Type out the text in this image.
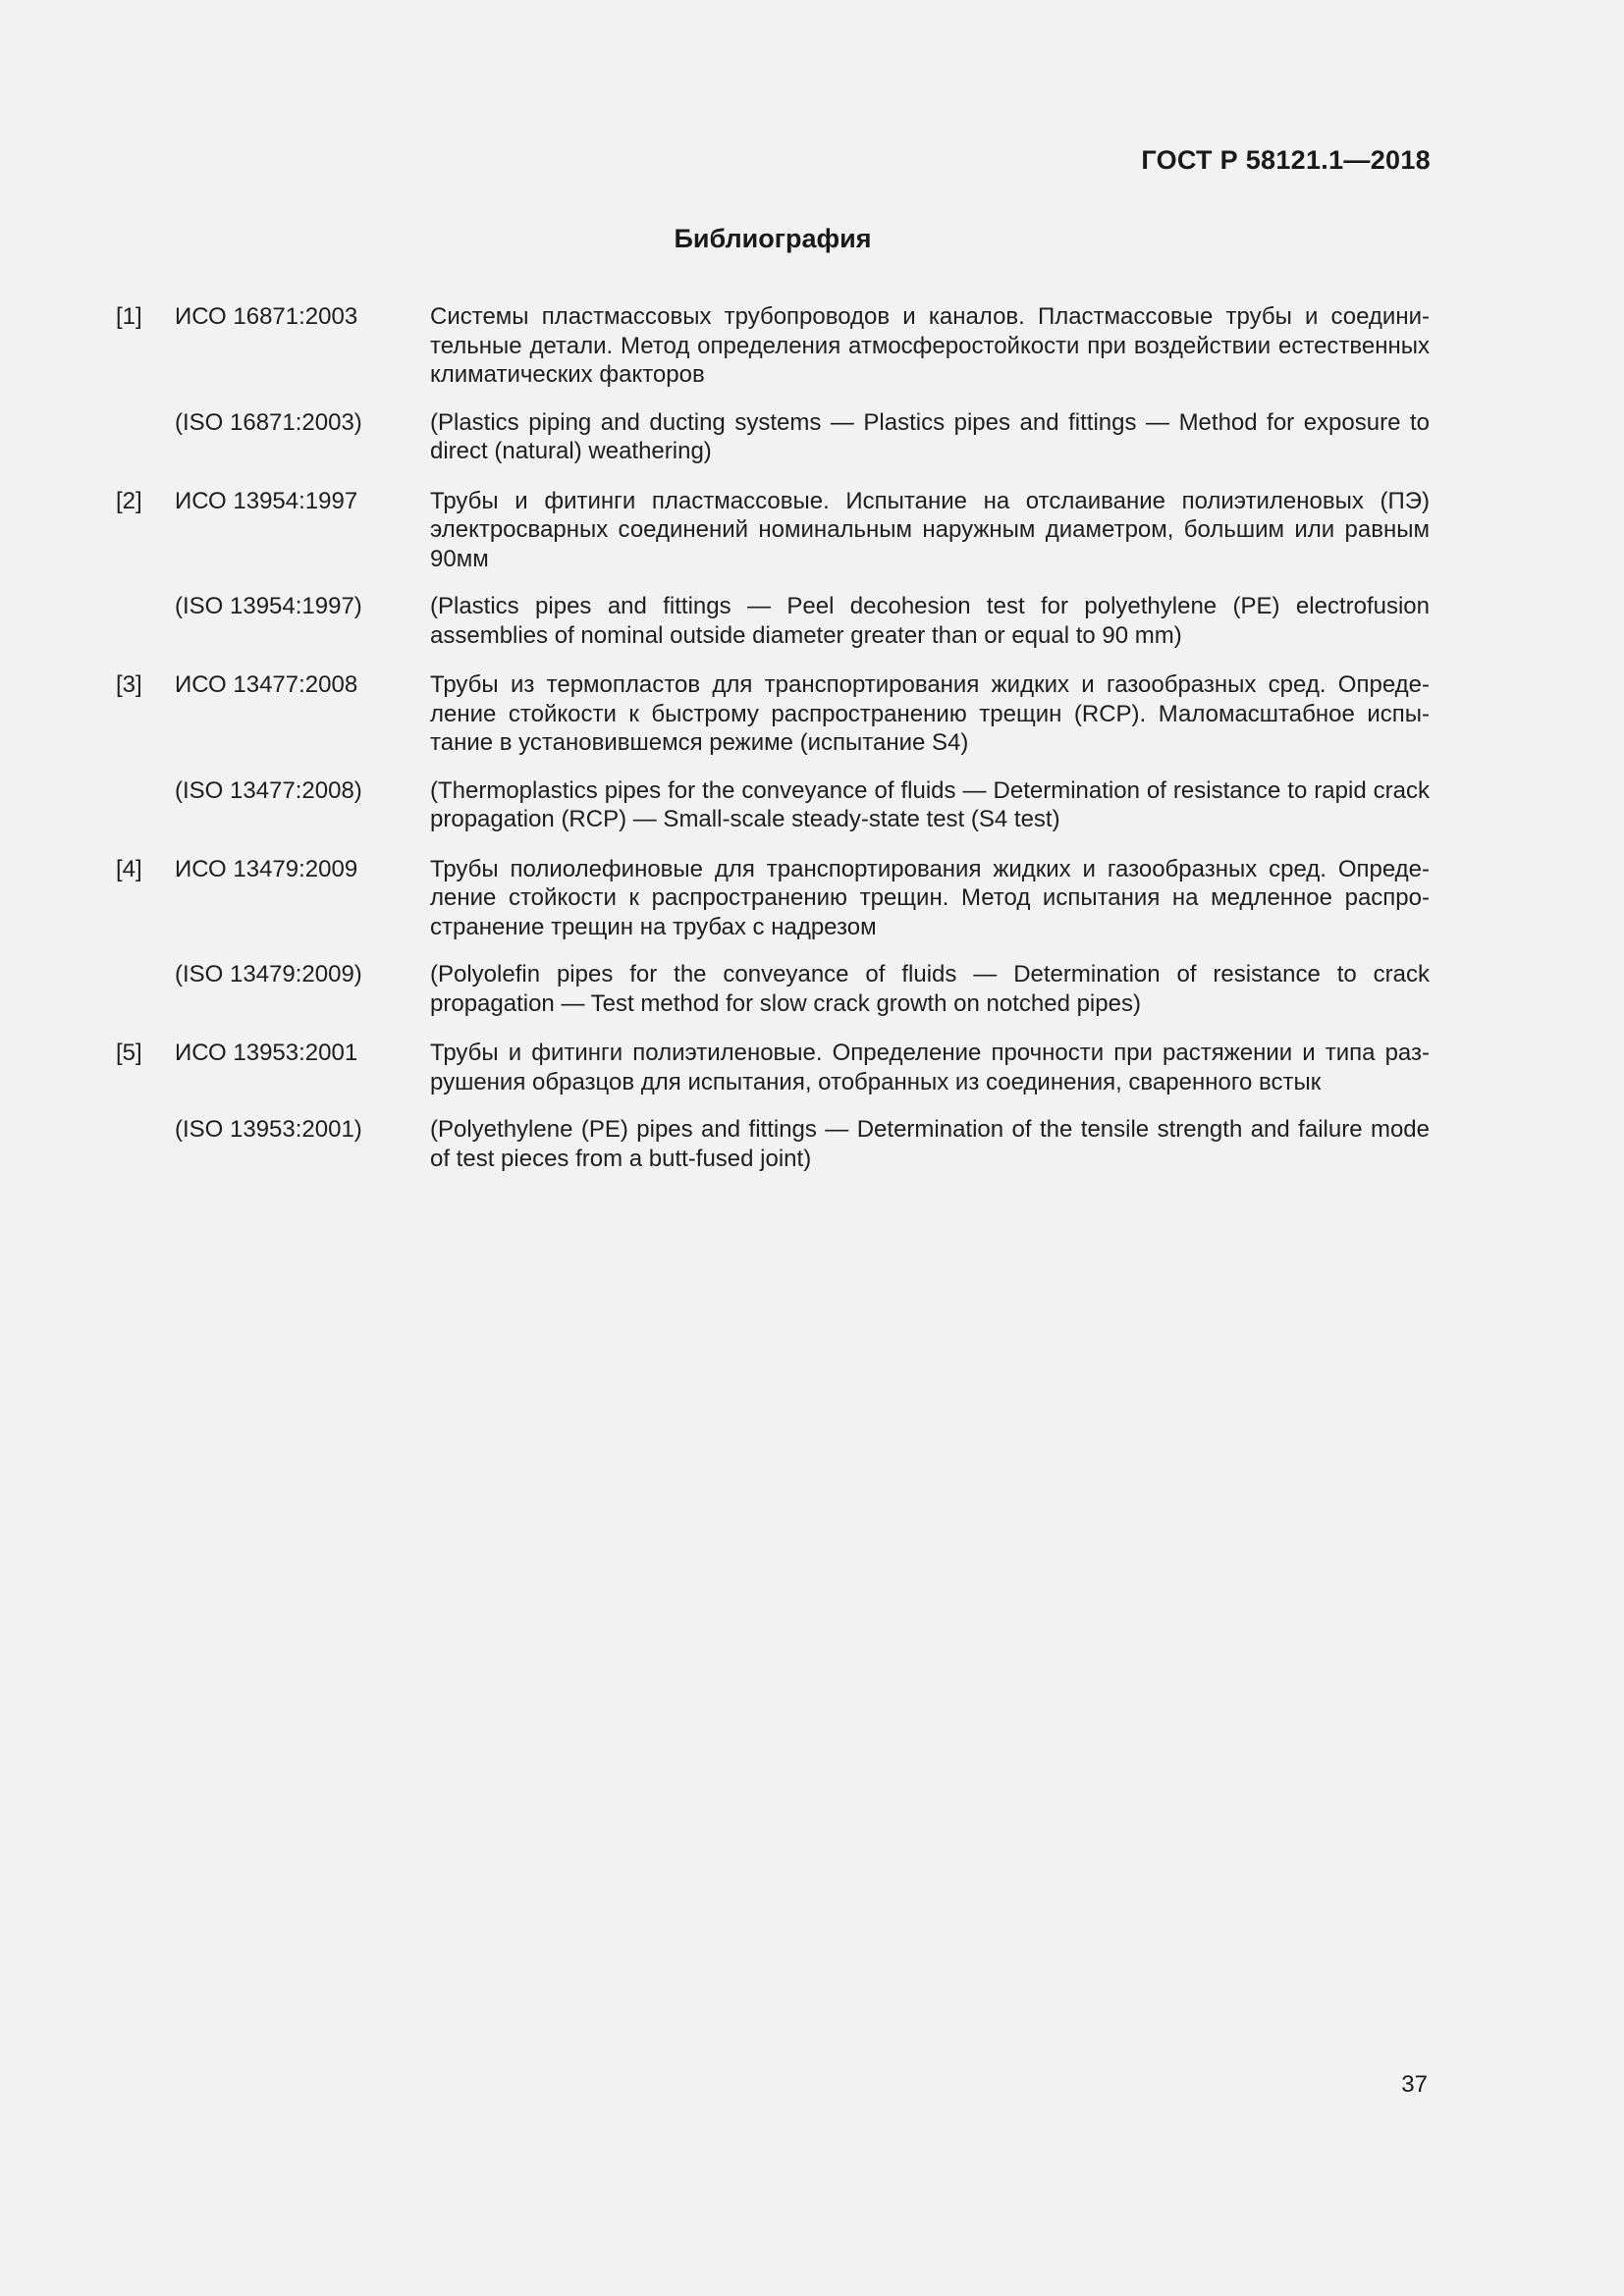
ГОСТ Р 58121.1—2018
Библиография
[1]	ИСО 16871:2003	Системы пластмассовых трубопроводов и каналов. Пластмассовые трубы и соединительные детали. Метод определения атмосферостойкости при воздействии естественных климатических факторов
(ISO 16871:2003)	(Plastics piping and ducting systems — Plastics pipes and fittings — Method for exposure to direct (natural) weathering)
[2]	ИСО 13954:1997	Трубы и фитинги пластмассовые. Испытание на отслаивание полиэтиленовых (ПЭ) электросварных соединений номинальным наружным диаметром, большим или равным 90мм
(ISO 13954:1997)	(Plastics pipes and fittings — Peel decohesion test for polyethylene (PE) electrofusion assemblies of nominal outside diameter greater than or equal to 90 mm)
[3]	ИСО 13477:2008	Трубы из термопластов для транспортирования жидких и газообразных сред. Определение стойкости к быстрому распространению трещин (RCP). Маломасштабное испытание в установившемся режиме (испытание S4)
(ISO 13477:2008)	(Thermoplastics pipes for the conveyance of fluids — Determination of resistance to rapid crack propagation (RCP) — Small-scale steady-state test (S4 test)
[4]	ИСО 13479:2009	Трубы полиолефиновые для транспортирования жидких и газообразных сред. Определение стойкости к распространению трещин. Метод испытания на медленное распространение трещин на трубах с надрезом
(ISO 13479:2009)	(Polyolefin pipes for the conveyance of fluids — Determination of resistance to crack propagation — Test method for slow crack growth on notched pipes)
[5]	ИСО 13953:2001	Трубы и фитинги полиэтиленовые. Определение прочности при растяжении и типа разрушения образцов для испытания, отобранных из соединения, сваренного встык
(ISO 13953:2001)	(Polyethylene (PE) pipes and fittings — Determination of the tensile strength and failure mode of test pieces from a butt-fused joint)
37
